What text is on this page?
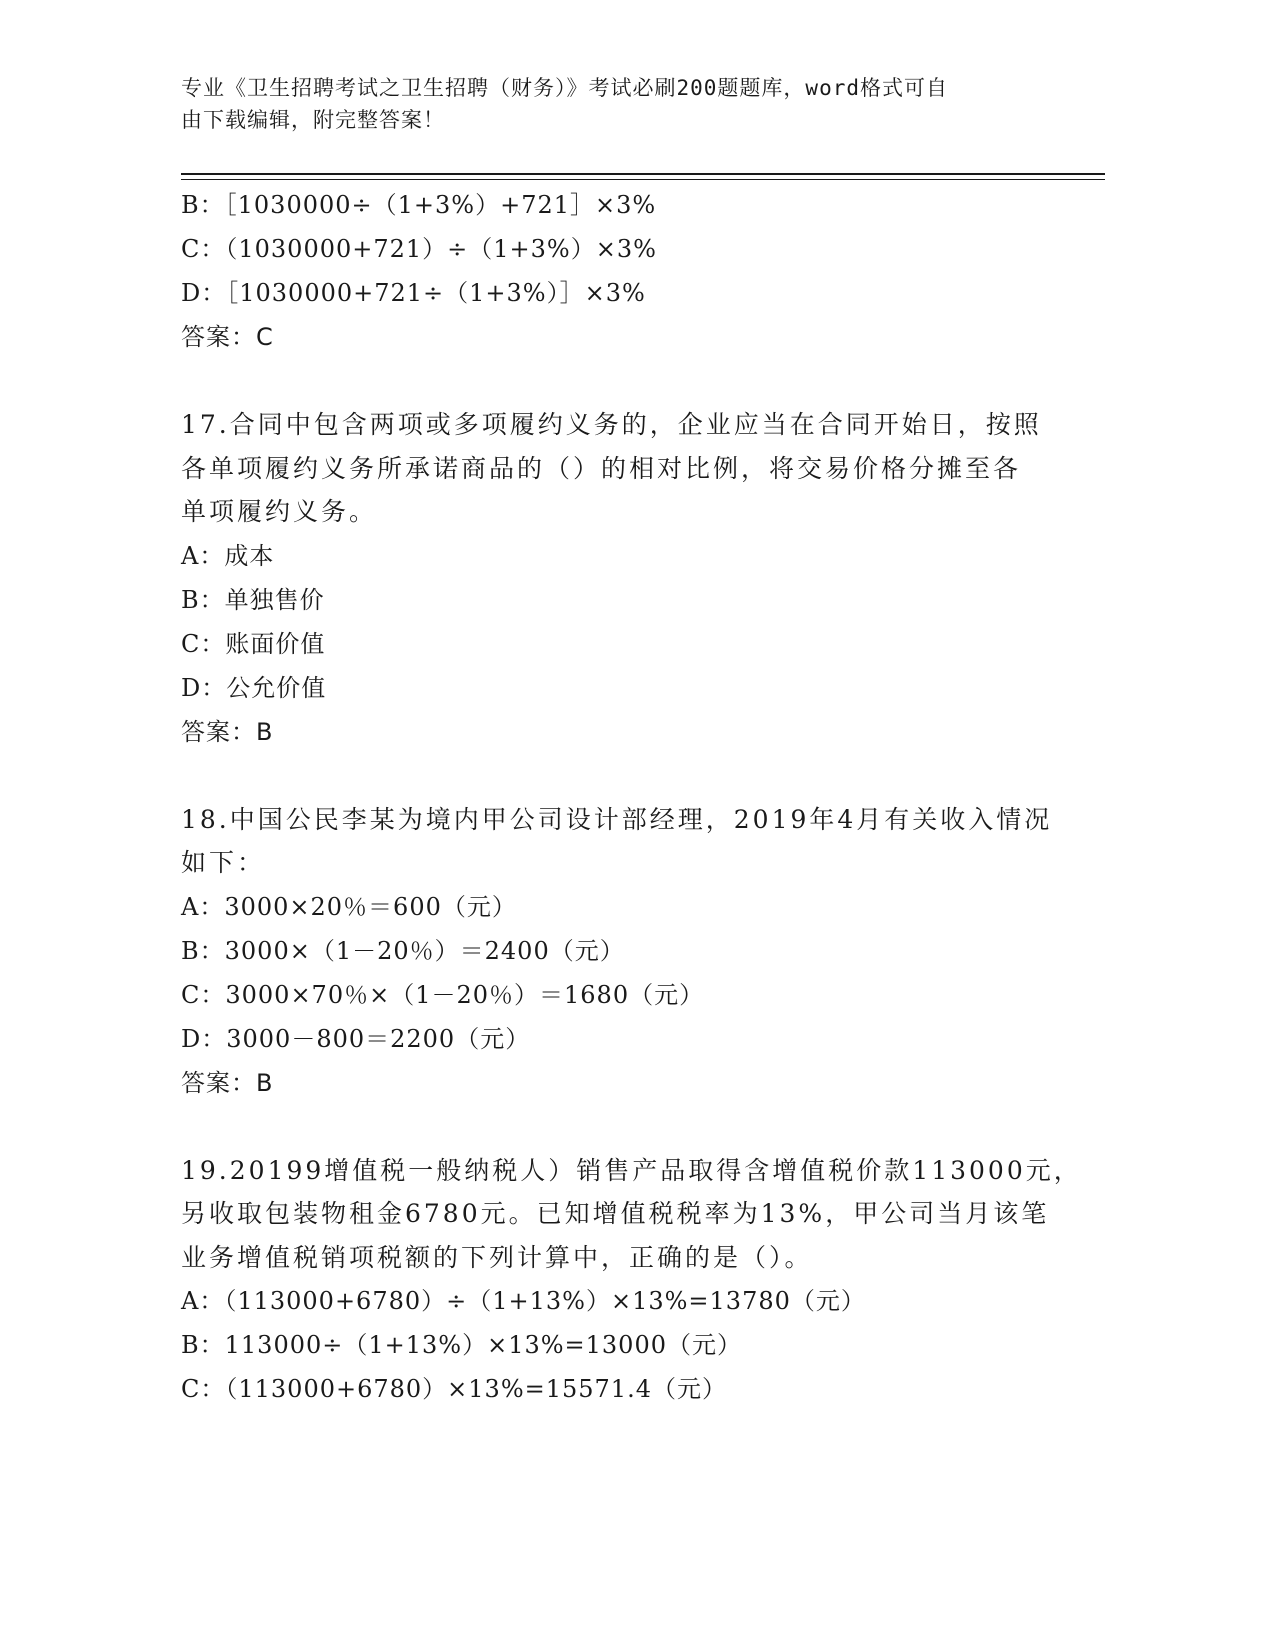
专业《卫生招聘考试之卫生招聘（财务）》考试必刷200题题库，word格式可自
由下载编辑，附完整答案！
B：［1030000÷（1+3%）+721］×3%
C：（1030000+721）÷（1+3%）×3%
D：［1030000+721÷（1+3%）］×3%
答案：C
17.合同中包含两项或多项履约义务的，企业应当在合同开始日，按照
各单项履约义务所承诺商品的（）的相对比例，将交易价格分摊至各
单项履约义务。
A：成本
B：单独售价
C：账面价值
D：公允价值
答案：B
18.中国公民李某为境内甲公司设计部经理，2019年4月有关收入情况
如下：
A：3000×20％＝600（元）
B：3000×（1－20％）＝2400（元）
C：3000×70％×（1－20％）＝1680（元）
D：3000－800＝2200（元）
答案：B
19.20199增值税一般纳税人）销售产品取得含增值税价款113000元，
另收取包装物租金6780元。已知增值税税率为13%，甲公司当月该笔
业务增值税销项税额的下列计算中，正确的是（）。
A：（113000+6780）÷（1+13%）×13%=13780（元）
B：113000÷（1+13%）×13%=13000（元）
C：（113000+6780）×13%=15571.4（元）
